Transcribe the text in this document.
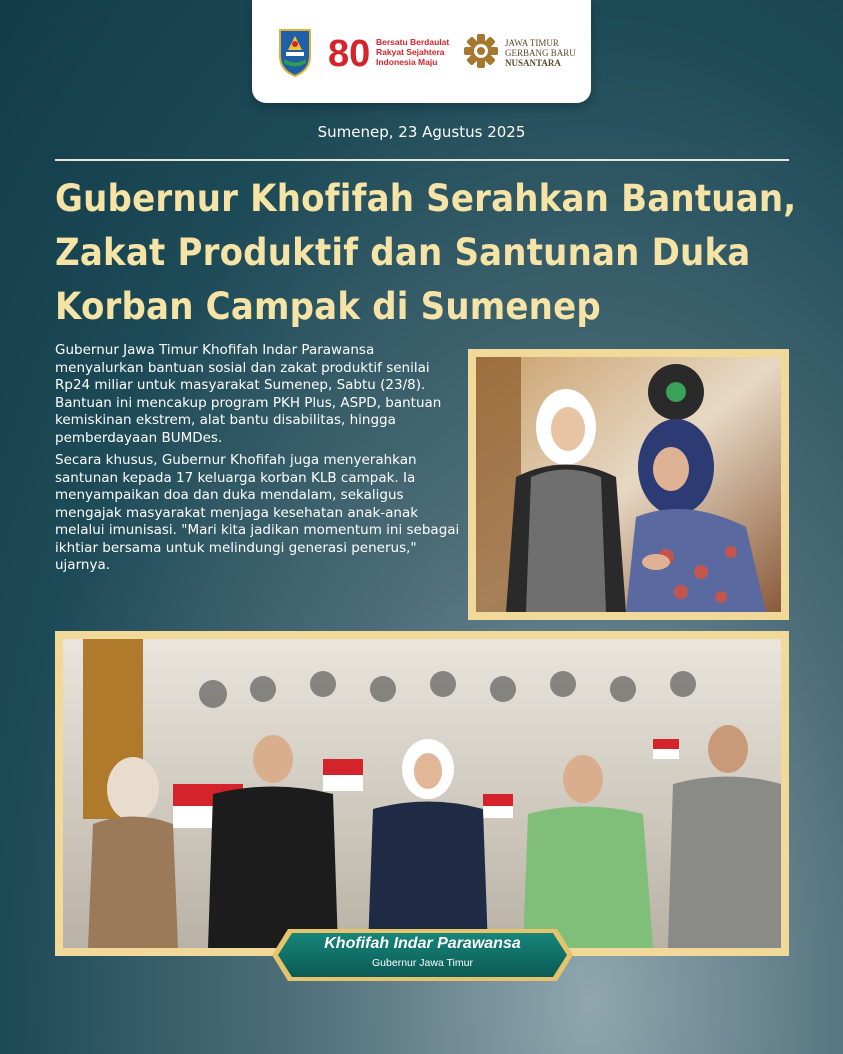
80 Bersatu Berdaulat
Rakyat Sejahtera
Indonesia Maju
JAWA TIMUR
GERBANG BARU
NUSANTARA
Sumenep, 23 Agustus 2025
Gubernur Khofifah Serahkan Bantuan,
Zakat Produktif dan Santunan Duka
Korban Campak di Sumenep

Gubernur Jawa Timur Khofifah Indar Parawansa menyalurkan bantuan sosial dan zakat produktif senilai Rp24 miliar untuk masyarakat Sumenep, Sabtu (23/8). Bantuan ini mencakup program PKH Plus, ASPD, bantuan kemiskinan ekstrem, alat bantu disabilitas, hingga pemberdayaan BUMDes.

Secara khusus, Gubernur Khofifah juga menyerahkan santunan kepada 17 keluarga korban KLB campak. Ia menyampaikan doa dan duka mendalam, sekaligus mengajak masyarakat menjaga kesehatan anak-anak melalui imunisasi. "Mari kita jadikan momentum ini sebagai ikhtiar bersama untuk melindungi generasi penerus," ujarnya.

Khofifah Indar Parawansa
Gubernur Jawa Timur
